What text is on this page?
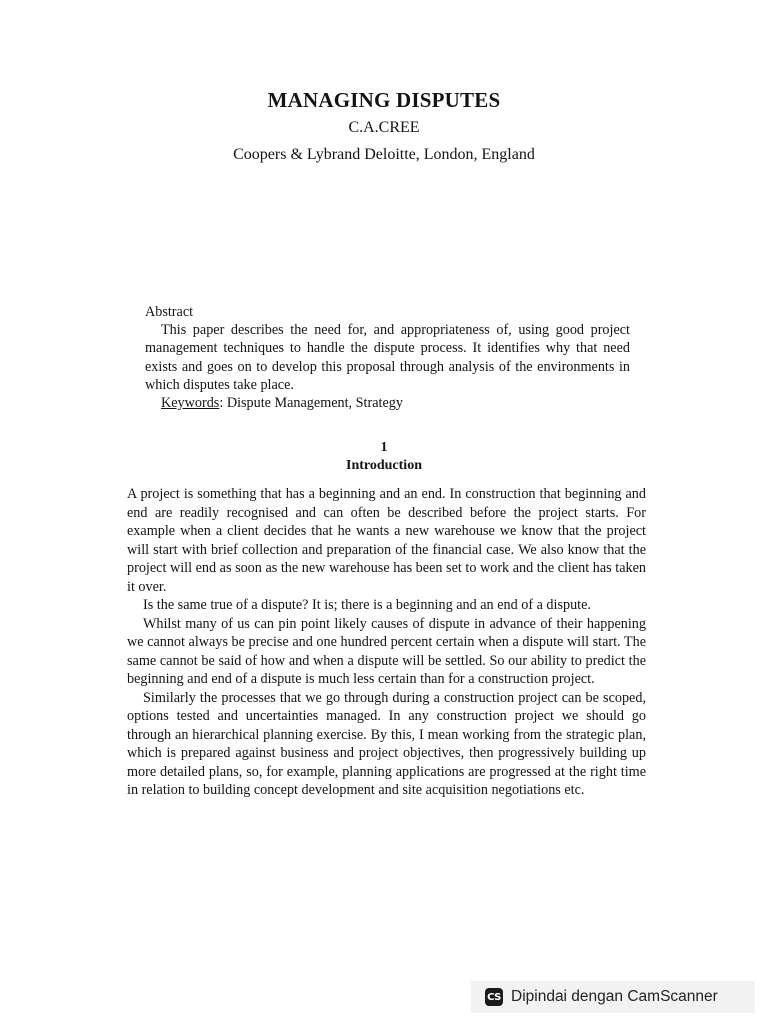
MANAGING DISPUTES
C.A.CREE
Coopers & Lybrand Deloitte, London, England
Abstract
This paper describes the need for, and appropriateness of, using good project management techniques to handle the dispute process. It identifies why that need exists and goes on to develop this proposal through analysis of the environments in which disputes take place.
Keywords: Dispute Management, Strategy
1
Introduction

A project is something that has a beginning and an end. In construction that beginning and end are readily recognised and can often be described before the project starts. For example when a client decides that he wants a new warehouse we know that the project will start with brief collection and preparation of the financial case. We also know that the project will end as soon as the new warehouse has been set to work and the client has taken it over.

Is the same true of a dispute? It is; there is a beginning and an end of a dispute.

Whilst many of us can pin point likely causes of dispute in advance of their happening we cannot always be precise and one hundred percent certain when a dispute will start. The same cannot be said of how and when a dispute will be settled. So our ability to predict the beginning and end of a dispute is much less certain than for a construction project.

Similarly the processes that we go through during a construction project can be scoped, options tested and uncertainties managed. In any construction project we should go through an hierarchical planning exercise. By this, I mean working from the strategic plan, which is prepared against business and project objectives, then progressively building up more detailed plans, so, for example, planning applications are progressed at the right time in relation to building concept development and site acquisition negotiations etc.

CS Dipindai dengan CamScanner
